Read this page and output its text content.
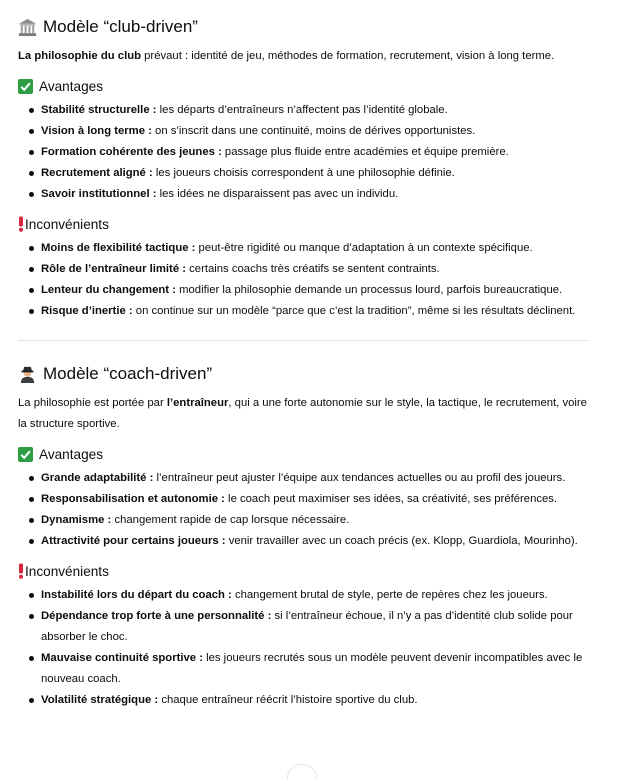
Modèle “club-driven”

La philosophie du club prévaut : identité de jeu, méthodes de formation, recrutement, vision à long terme.

Avantages
Stabilité structurelle : les départs d’entraîneurs n’affectent pas l’identité globale.
Vision à long terme : on s’inscrit dans une continuité, moins de dérives opportunistes.
Formation cohérente des jeunes : passage plus fluide entre académies et équipe première.
Recrutement aligné : les joueurs choisis correspondent à une philosophie définie.
Savoir institutionnel : les idées ne disparaissent pas avec un individu.
Inconvénients
Moins de flexibilité tactique : peut-être rigidité ou manque d’adaptation à un contexte spécifique.
Rôle de l’entraîneur limité : certains coachs très créatifs se sentent contraints.
Lenteur du changement : modifier la philosophie demande un processus lourd, parfois bureaucratique.
Risque d’inertie : on continue sur un modèle “parce que c’est la tradition”, même si les résultats déclinent.
Modèle “coach-driven”

La philosophie est portée par l’entraîneur, qui a une forte autonomie sur le style, la tactique, le recrutement, voire la structure sportive.

Avantages
Grande adaptabilité : l’entraîneur peut ajuster l’équipe aux tendances actuelles ou au profil des joueurs.
Responsabilisation et autonomie : le coach peut maximiser ses idées, sa créativité, ses préférences.
Dynamisme : changement rapide de cap lorsque nécessaire.
Attractivité pour certains joueurs : venir travailler avec un coach précis (ex. Klopp, Guardiola, Mourinho).
Inconvénients
Instabilité lors du départ du coach : changement brutal de style, perte de repères chez les joueurs.
Dépendance trop forte à une personnalité : si l’entraîneur échoue, il n’y a pas d’identité club solide pour absorber le choc.
Mauvaise continuité sportive : les joueurs recrutés sous un modèle peuvent devenir incompatibles avec le nouveau coach.
Volatilité stratégique : chaque entraîneur réécrit l’histoire sportive du club.
